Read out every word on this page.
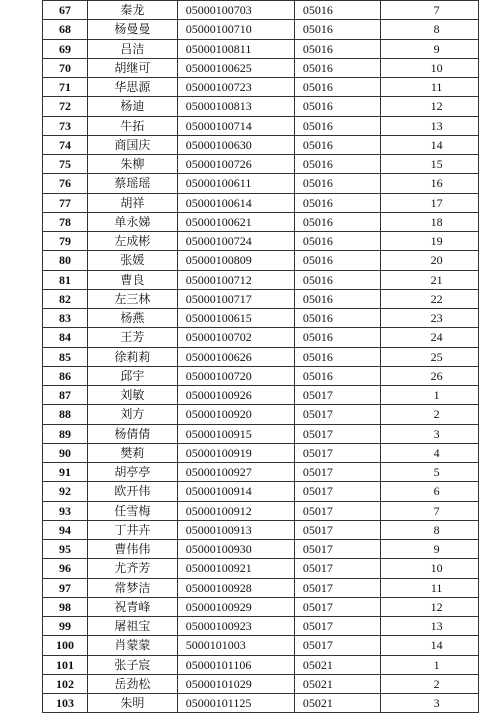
67	秦龙	05000100703	05016	7
68	杨曼曼	05000100710	05016	8
69	吕洁	05000100811	05016	9
70	胡继可	05000100625	05016	10
71	华思源	05000100723	05016	11
72	杨迪	05000100813	05016	12
73	牛拓	05000100714	05016	13
74	商国庆	05000100630	05016	14
75	朱柳	05000100726	05016	15
76	蔡瑶瑶	05000100611	05016	16
77	胡祥	05000100614	05016	17
78	单永娣	05000100621	05016	18
79	左成彬	05000100724	05016	19
80	张媛	05000100809	05016	20
81	曹良	05000100712	05016	21
82	左三林	05000100717	05016	22
83	杨燕	05000100615	05016	23
84	王芳	05000100702	05016	24
85	徐莉莉	05000100626	05016	25
86	邱宇	05000100720	05016	26
87	刘敏	05000100926	05017	1
88	刘方	05000100920	05017	2
89	杨倩倩	05000100915	05017	3
90	樊莉	05000100919	05017	4
91	胡亭亭	05000100927	05017	5
92	欧开伟	05000100914	05017	6
93	任雪梅	05000100912	05017	7
94	丁井卉	05000100913	05017	8
95	曹伟伟	05000100930	05017	9
96	尤齐芳	05000100921	05017	10
97	常梦洁	05000100928	05017	11
98	祝青峰	05000100929	05017	12
99	屠祖宝	05000100923	05017	13
100	肖蒙蒙	5000101003	05017	14
101	张子宸	05000101106	05021	1
102	岳劲松	05000101029	05021	2
103	朱明	05000101125	05021	3
